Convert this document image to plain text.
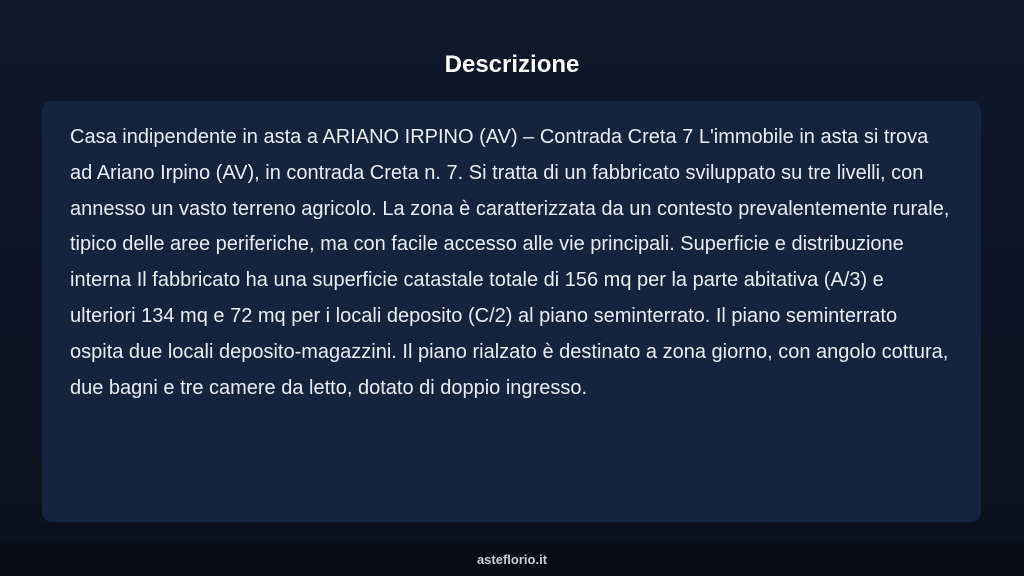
Descrizione

Casa indipendente in asta a ARIANO IRPINO (AV) – Contrada Creta 7 L'immobile in asta si trova ad Ariano Irpino (AV), in contrada Creta n. 7. Si tratta di un fabbricato sviluppato su tre livelli, con annesso un vasto terreno agricolo. La zona è caratterizzata da un contesto prevalentemente rurale, tipico delle aree periferiche, ma con facile accesso alle vie principali. Superficie e distribuzione interna Il fabbricato ha una superficie catastale totale di 156 mq per la parte abitativa (A/3) e ulteriori 134 mq e 72 mq per i locali deposito (C/2) al piano seminterrato. Il piano seminterrato ospita due locali deposito-magazzini. Il piano rialzato è destinato a zona giorno, con angolo cottura, due bagni e tre camere da letto, dotato di doppio ingresso.

asteflorio.it
